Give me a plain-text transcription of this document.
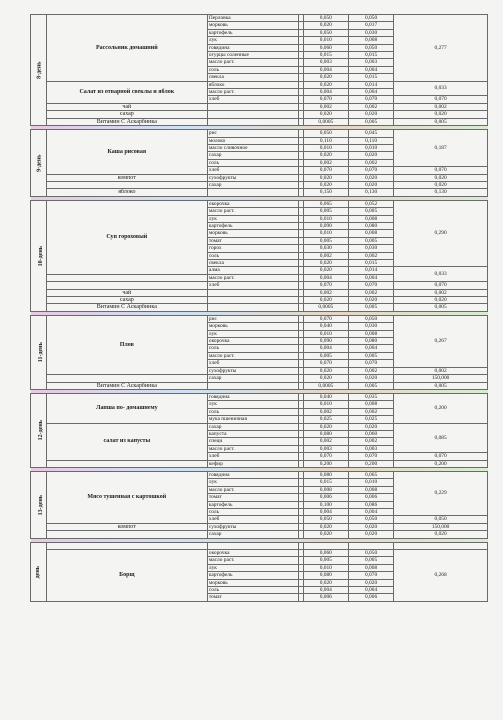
8-день	Рассольник домашний	Перловка		0,050	0,050	0,277
		морковь		0,020	0,017	
		картофель		0,050	0,030	
		лук		0,010	0,008	
		говядина		0,060	0,050	
		огурцы соленные		0,015	0,015	
		масло раст.		0,003	0,003	
		соль		0,004	0,004	
		свекла		0,020	0,015	
	Салат из отварной свеклы и яблок	яблоко		0,020	0,014	0,033
		масло раст.		0,004	0,004	
		хлеб		0,070	0,070	0,070
	чай			0,002	0,002	0,002
	сахар			0,020	0,020	0,020
	Витамин С Аскарбинка			0,0005	0,005	0,005

9-день	Каша рисовая	рис		0,050	0,045	0,187
		молоко		0,110	0,110	
		масло сливочное		0,010	0,010	
		сахар		0,020	0,020	
		соль		0,002	0,002	
		хлеб		0,070	0,070	0,070
	компот	сухофрукты		0,020	0,020	0,020
		сахар		0,020	0,020	0,020
	яблоко			0,150	0,130	0,130

10-день	Суп гороховый	окорочка		0,065	0,052	0,290
		масло раст.		0,005	0,005	
		лук		0,010	0,008	
		картофель		0,090	0,080	
		морковь		0,010	0,008	
		томат		0,005	0,005	
		горох		0,030	0,030	
		соль		0,002	0,002	
		свекла		0,020	0,015	
		алма		0,020	0,014	0,033
		масло раст.		0,004	0,004	
		хлеб		0,070	0,070	0,070
	чай			0,002	0,002	0,002
	сахар			0,020	0,020	0,020
	Витамин С Аскарбинка			0,0005	0,005	0,005

11-день	Плов	рис		0,070	0,050	0,267
		морковь		0,040	0,030	
		лук		0,010	0,008	
		окорочка		0,090	0,080	
		соль		0,004	0,004	
		масло раст.		0,005	0,005	
		хлеб		0,070	0,070	
		сухофрукты		0,020	0,002	0,002
		сахар		0,020	0,020	150,000
	Витамин С Аскарбинка			0,0005	0,005	0,005

12-день	Лапша по- домашнему	говядина		0,040	0,035	0,200
		лук		0,010	0,008	
		соль		0,002	0,002	
		мука пшеничная		0,025	0,025	
	салат из капусты	сахар		0,020	0,020	0,085
		капуста		0,080	0,060	
		специ		0,002	0,002	
		масло раст.		0,003	0,003	
		хлеб		0,070	0,070	0,070
		кефир		0,200	0,200	0,200

13-день	Мясо тушенная с картошкой	говядина		0,080	0,065	0,229
		лук		0,015	0,010	
		масло раст.		0,008	0,008	
		томат		0,006	0,006	
		картофель		0,100	0,086	
		соль		0,004	0,004	
		хлеб		0,050	0,050	0,050
	компот	сухофрукты		0,020	0,020	150,000
		сахар		0,020	0,020	0,020

день						
	Борщ	окорочка		0,060	0,050	0,268
		масло раст.		0,005	0,005	
		лук		0,010	0,008	
		картофель		0,080	0,070	
		морковь		0,020	0,020	
		соль		0,004	0,004	
		томат		0,006	0,006	
